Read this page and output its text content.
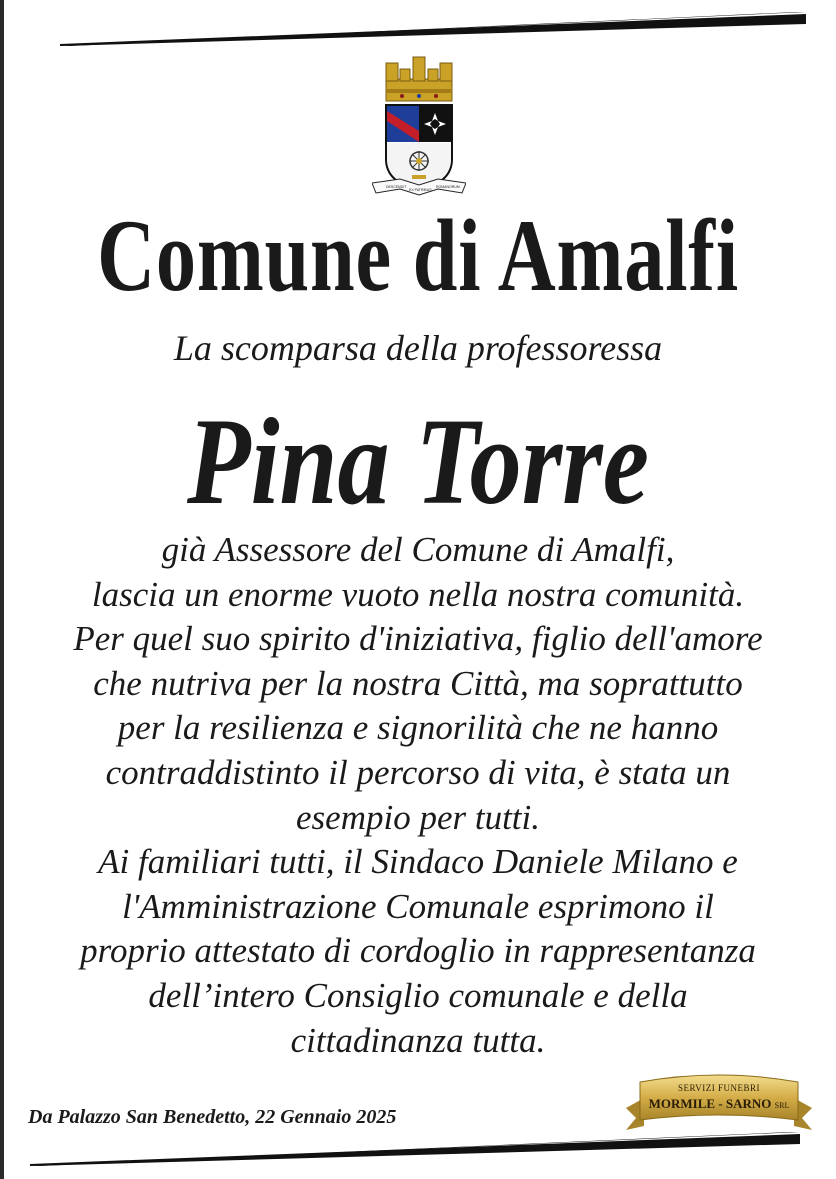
DESCENDIT
EX PATRIBUS
ROMANORUM
Comune di Amalfi
La scomparsa della professoressa
Pina Torre
già Assessore del Comune di Amalfi,
lascia un enorme vuoto nella nostra comunità.
Per quel suo spirito d'iniziativa, figlio dell'amore
che nutriva per la nostra Città, ma soprattutto
per la resilienza e signorilità che ne hanno
contraddistinto il percorso di vita, è stata un
esempio per tutti.
Ai familiari tutti, il Sindaco Daniele Milano e
l'Amministrazione Comunale esprimono il
proprio attestato di cordoglio in rappresentanza
dell’intero Consiglio comunale e della
cittadinanza tutta.
Da Palazzo San Benedetto, 22 Gennaio 2025
SERVIZI FUNEBRI
MORMILE - SARNO SRL
